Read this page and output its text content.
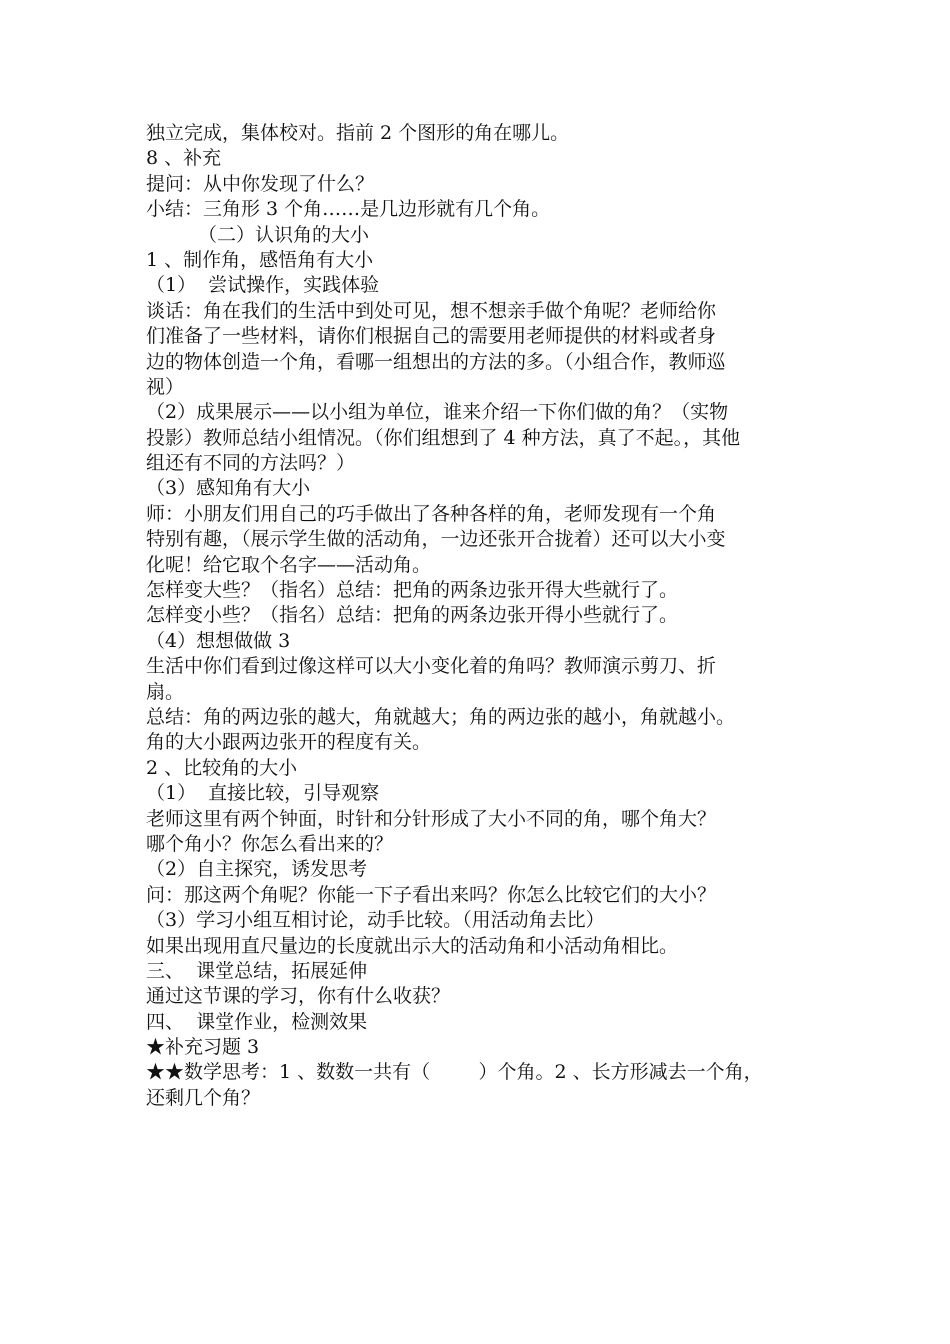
独立完成，集体校对。指前 2 个图形的角在哪儿。
8 、补充
提问：从中你发现了什么？
小结：三角形 3 个角……是几边形就有几个角。
（二）认识角的大小
1 、制作角，感悟角有大小
（1）  尝试操作，实践体验
谈话：角在我们的生活中到处可见，想不想亲手做个角呢？老师给你
们准备了一些材料，请你们根据自己的需要用老师提供的材料或者身
边的物体创造一个角，看哪一组想出的方法的多。（小组合作，教师巡
视）
（2）成果展示——以小组为单位，谁来介绍一下你们做的角？（实物
投影）教师总结小组情况。（你们组想到了 4 种方法，真了不起。，其他
组还有不同的方法吗？）
（3）感知角有大小
师：小朋友们用自己的巧手做出了各种各样的角，老师发现有一个角
特别有趣，（展示学生做的活动角，一边还张开合拢着）还可以大小变
化呢！给它取个名字——活动角。
怎样变大些？（指名）总结：把角的两条边张开得大些就行了。
怎样变小些？（指名）总结：把角的两条边张开得小些就行了。
（4）想想做做 3
生活中你们看到过像这样可以大小变化着的角吗？教师演示剪刀、折
扇。
总结：角的两边张的越大，角就越大；角的两边张的越小，角就越小。
角的大小跟两边张开的程度有关。
2 、比较角的大小
（1）  直接比较，引导观察
老师这里有两个钟面，时针和分针形成了大小不同的角，哪个角大？
哪个角小？你怎么看出来的？
（2）自主探究，诱发思考
问：那这两个角呢？你能一下子看出来吗？你怎么比较它们的大小？
（3）学习小组互相讨论，动手比较。（用活动角去比）
如果出现用直尺量边的长度就出示大的活动角和小活动角相比。
三、  课堂总结，拓展延伸
通过这节课的学习，你有什么收获？
四、  课堂作业，检测效果
★补充习题 3
★★数学思考：1 、数数一共有（        ）个角。2 、长方形减去一个角，
还剩几个角？
